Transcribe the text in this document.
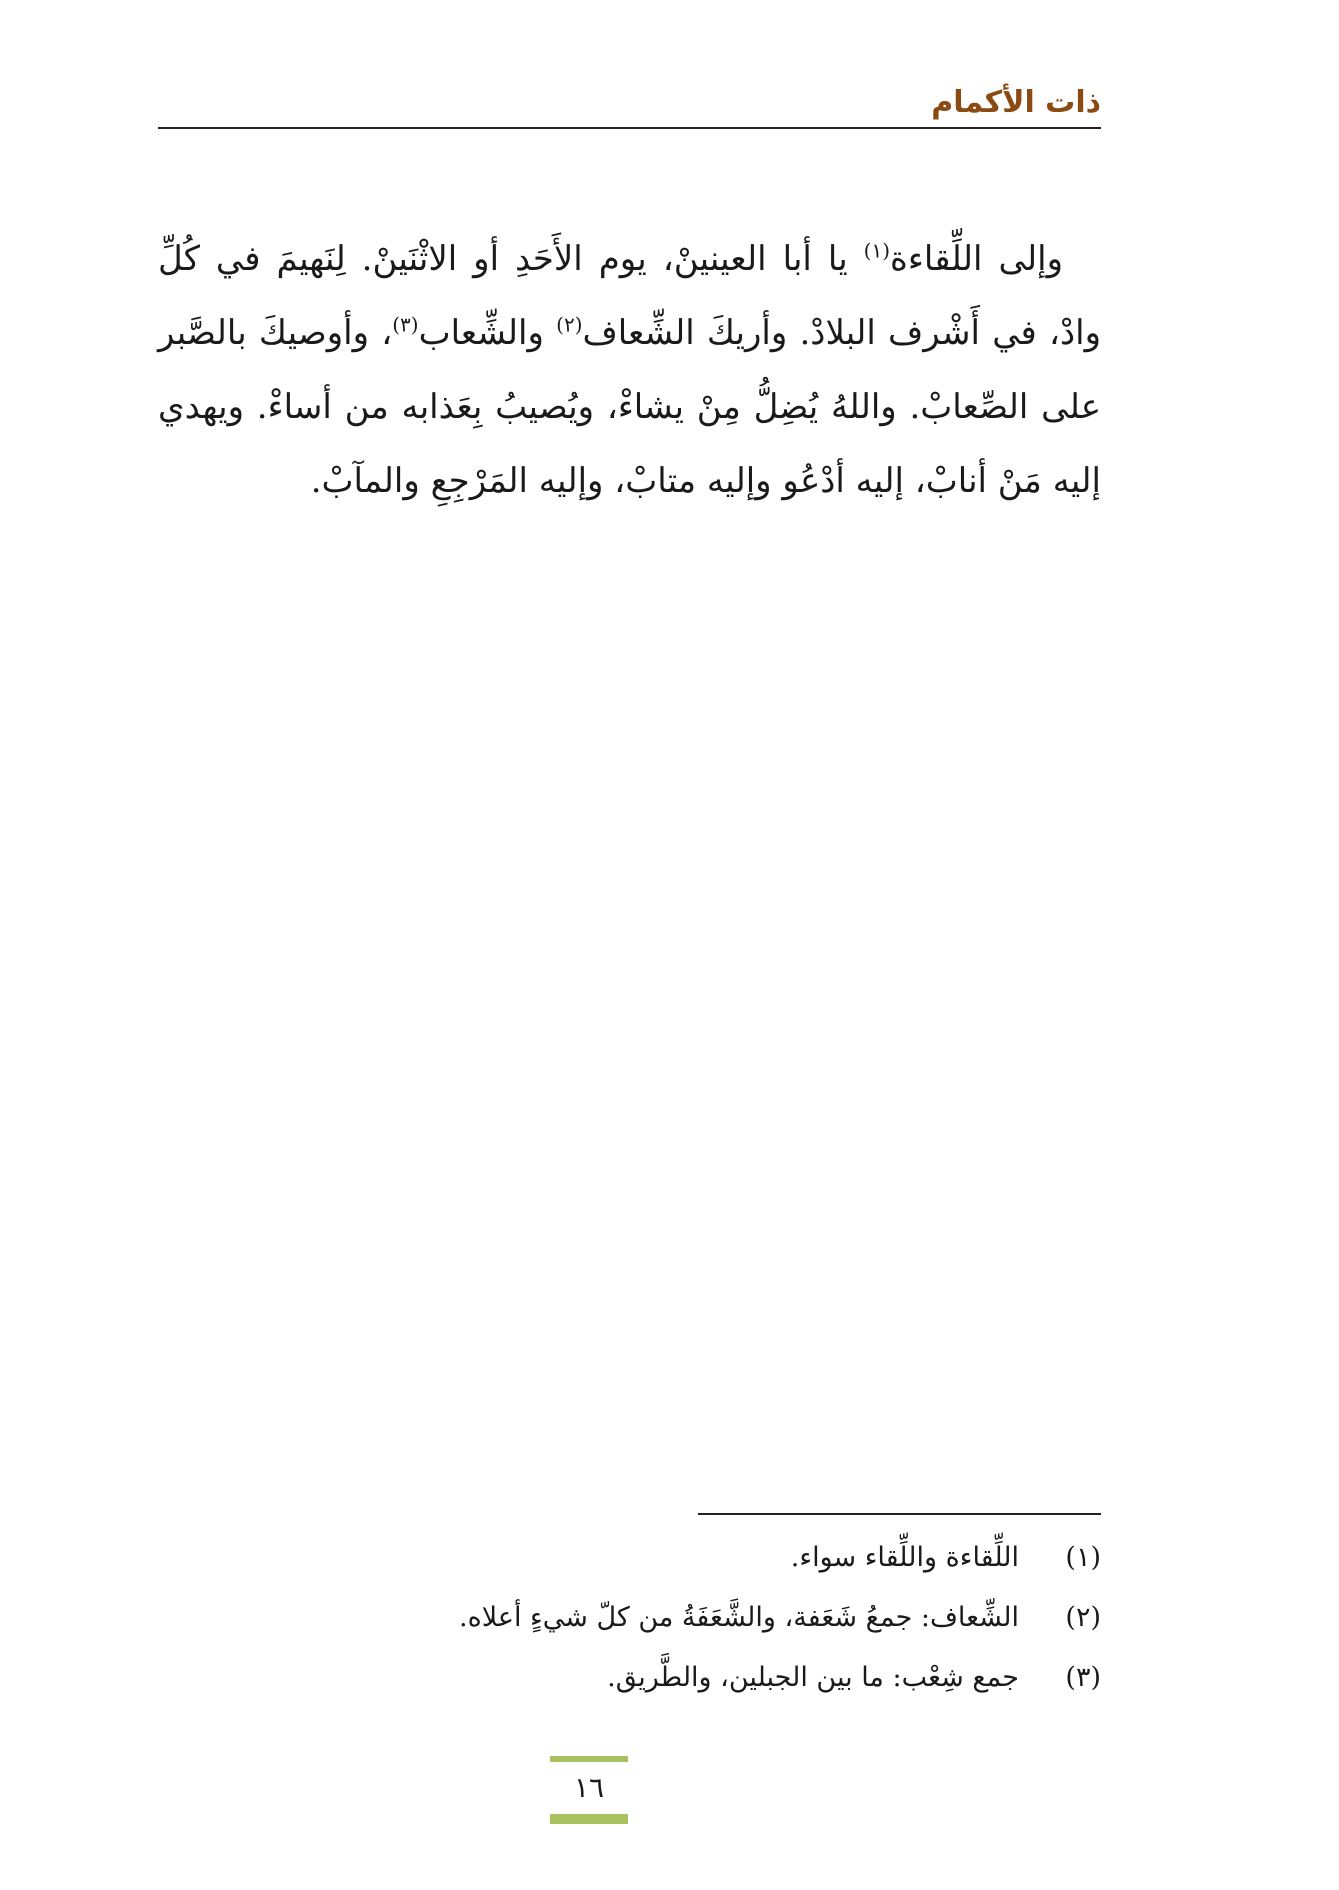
ذات الأكمام

وإلى اللِّقاءة$^{(١)}$ يا أبا العينينْ، يوم الأَحَدِ أو الاثْنَينْ. لِنَهيمَ في كُلِّ وادْ، في أَشْرف البلادْ. وأريكَ الشِّعاف$^{(٢)}$ والشِّعاب$^{(٣)}$، وأوصيكَ بالصَّبر على الصِّعابْ. واللهُ يُضِلُّ مِنْ يشاءْ، ويُصيبُ بِعَذابه من أساءْ. ويهدي إليه مَنْ أنابْ، إليه أدْعُو وإليه متابْ، وإليه المَرْجِعِ والمآبْ.

(١)اللِّقاءة واللِّقاء سواء.
(٢)الشِّعاف: جمعُ شَعَفة، والشَّعَفَةُ من كلّ شيءٍ أعلاه.
(٣)جمع شِعْب: ما بين الجبلين، والطَّريق.
١٦
